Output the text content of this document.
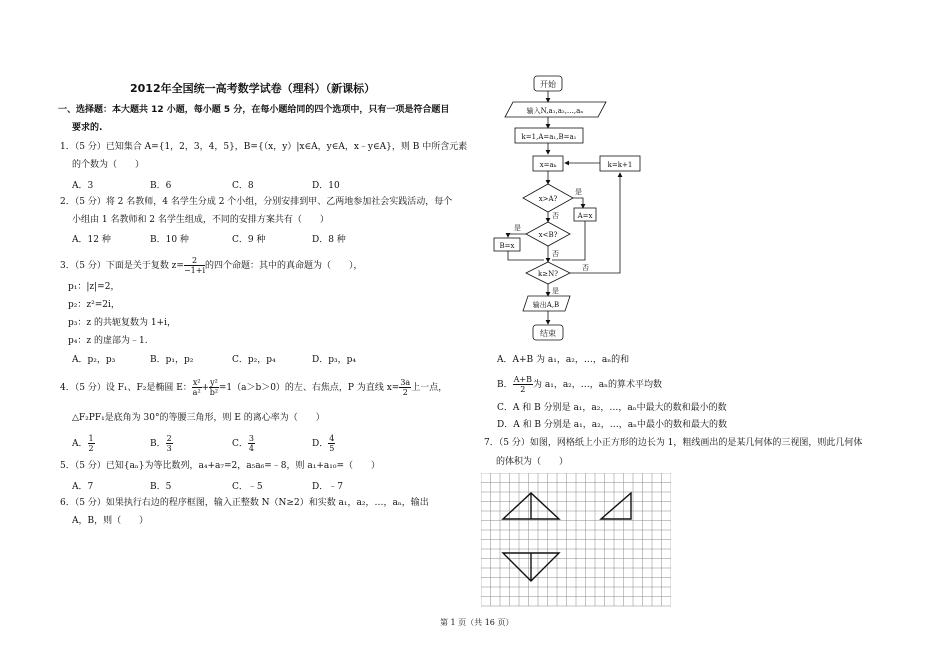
2012年全国统一高考数学试卷（理科）（新课标）
一、选择题：本大题共 12 小题，每小题 5 分，在每小题给同的四个选项中，只有一项是符合题目
要求的.
1．（5 分）已知集合 A={1，2，3，4，5}，B={（x，y）|x∈A，y∈A，x﹣y∈A}，则 B 中所含元素
的个数为（　　）
A．3	B．6	C．8	D．10
2．（5 分）将 2 名教师，4 名学生分成 2 个小组，分别安排到甲、乙两地参加社会实践活动，每个
小组由 1 名教师和 2 名学生组成，不同的安排方案共有（　　）
A．12 种	B．10 种	C．9 种	D．8 种
3．（5 分）下面是关于复数 $z= \frac{2}{-1+i}$ 的四个命题：其中的真命题为（　　），
p₁：|z|=2，
p₂：z²=2i，
p₃：z 的共轭复数为 1+i，
p₄：z 的虚部为﹣1.
A．p₂，p₃	B．p₁，p₂	C．p₂，p₄	D．p₃，p₄
4．（5 分）设 F₁、F₂是椭圆 E： $\frac{\text{x²}}{\text{a²}} + \frac{\text{y²}}{\text{b²}} =1(a>b>0)$的左、右焦点，P 为直线 $x= \frac{3a}{2}$ 上一点，
△F₂PF₁是底角为 30°的等腰三角形，则 E 的离心率为（　　）
A． $\frac{1}{2}$	B． $\frac{2}{3}$	C． $\frac{3}{4}$	D． $\frac{4}{5}$
5．（5 分）已知{aₙ}为等比数列，a₄+a₇=2，a₅a₆=﹣8，则 a₁+a₁₀=（　　）
A．7	B．5	C．﹣5	D．﹣7
6．（5 分）如果执行右边的程序框图，输入正整数 N（N≥2）和实数 a₁，a₂，…，aₙ，输出
A，B，则（　　）
开始
输入N,a₁,a₂,…,aₙ
k=1,A=a₁,B=a₁
x=aₖ	k=k+1
x>A?
是
否	A=x
x<B?
是
否
B=x
k≥N?
否
是
输出A,B
结束
A．A+B 为 a₁，a₂，…，aₙ的和
B． $\frac{A+B}{2}$ 为 a₁，a₂，…，aₙ的算术平均数
C．A 和 B 分别是 a₁，a₂，…，aₙ中最大的数和最小的数
D．A 和 B 分别是 a₁，a₂，…，aₙ中最小的数和最大的数
7．（5 分）如图，网格纸上小正方形的边长为 1，粗线画出的是某几何体的三视图，则此几何体
的体积为（　　）
第 1 页（共 16 页）
